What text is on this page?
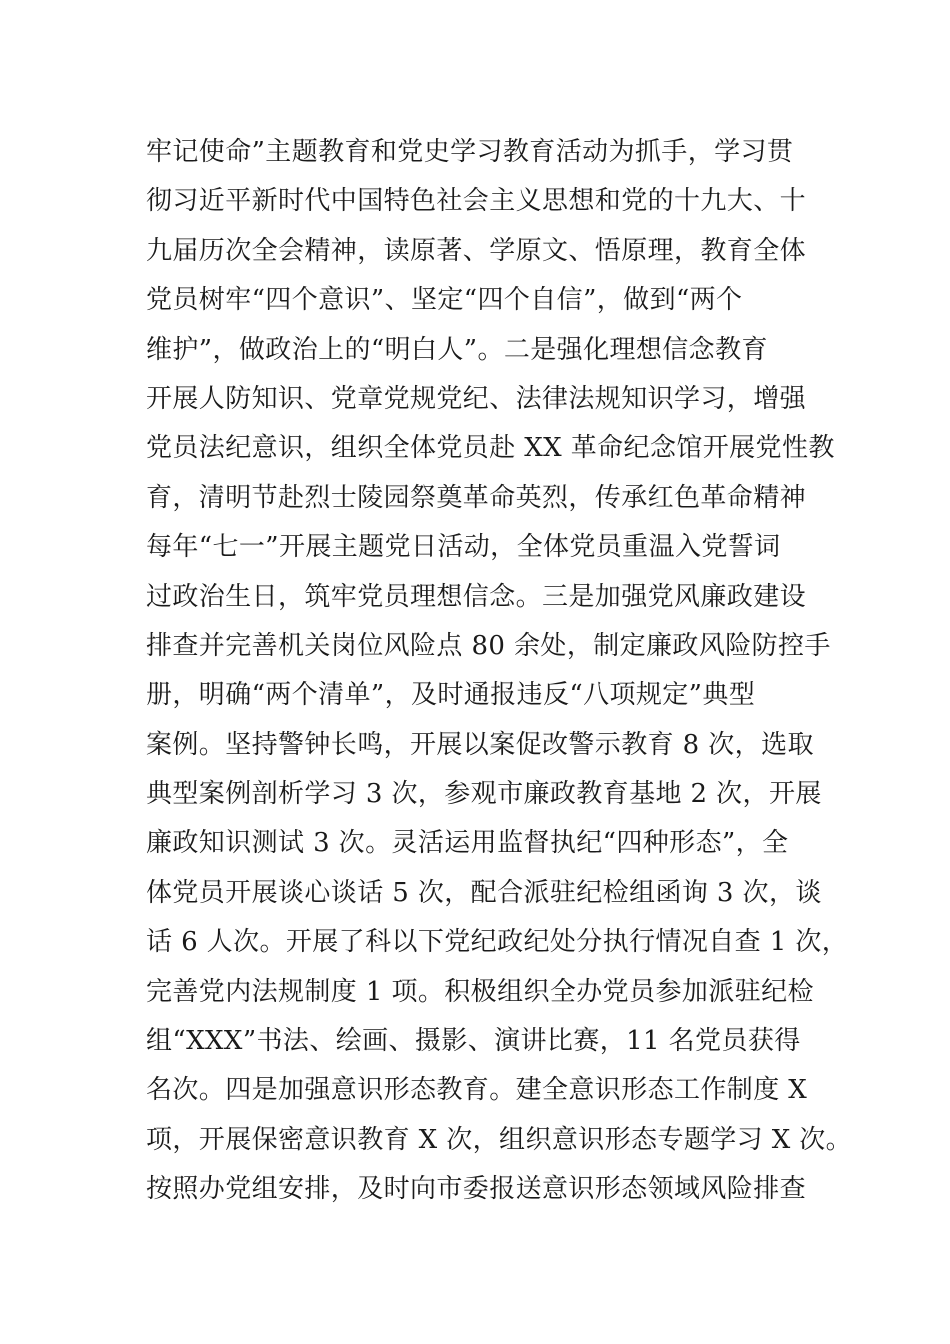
牢记使命”主题教育和党史学习教育活动为抓手，学习贯
彻习近平新时代中国特色社会主义思想和党的十九大、十
九届历次全会精神，读原著、学原文、悟原理，教育全体
党员树牢“四个意识”、坚定“四个自信”，做到“两个
维护”，做政治上的“明白人”。二是强化理想信念教育
开展人防知识、党章党规党纪、法律法规知识学习，增强
党员法纪意识，组织全体党员赴 XX 革命纪念馆开展党性教
育，清明节赴烈士陵园祭奠革命英烈，传承红色革命精神
每年“七一”开展主题党日活动，全体党员重温入党誓词
过政治生日，筑牢党员理想信念。三是加强党风廉政建设
排查并完善机关岗位风险点 80 余处，制定廉政风险防控手
册，明确“两个清单”，及时通报违反“八项规定”典型
案例。坚持警钟长鸣，开展以案促改警示教育 8 次，选取
典型案例剖析学习 3 次，参观市廉政教育基地 2 次，开展
廉政知识测试 3 次。灵活运用监督执纪“四种形态”，全
体党员开展谈心谈话 5 次，配合派驻纪检组函询 3 次，谈
话 6 人次。开展了科以下党纪政纪处分执行情况自查 1 次，
完善党内法规制度 1 项。积极组织全办党员参加派驻纪检
组“XXX”书法、绘画、摄影、演讲比赛，11 名党员获得
名次。四是加强意识形态教育。建全意识形态工作制度 X
项，开展保密意识教育 X 次，组织意识形态专题学习 X 次。
按照办党组安排，及时向市委报送意识形态领域风险排查
